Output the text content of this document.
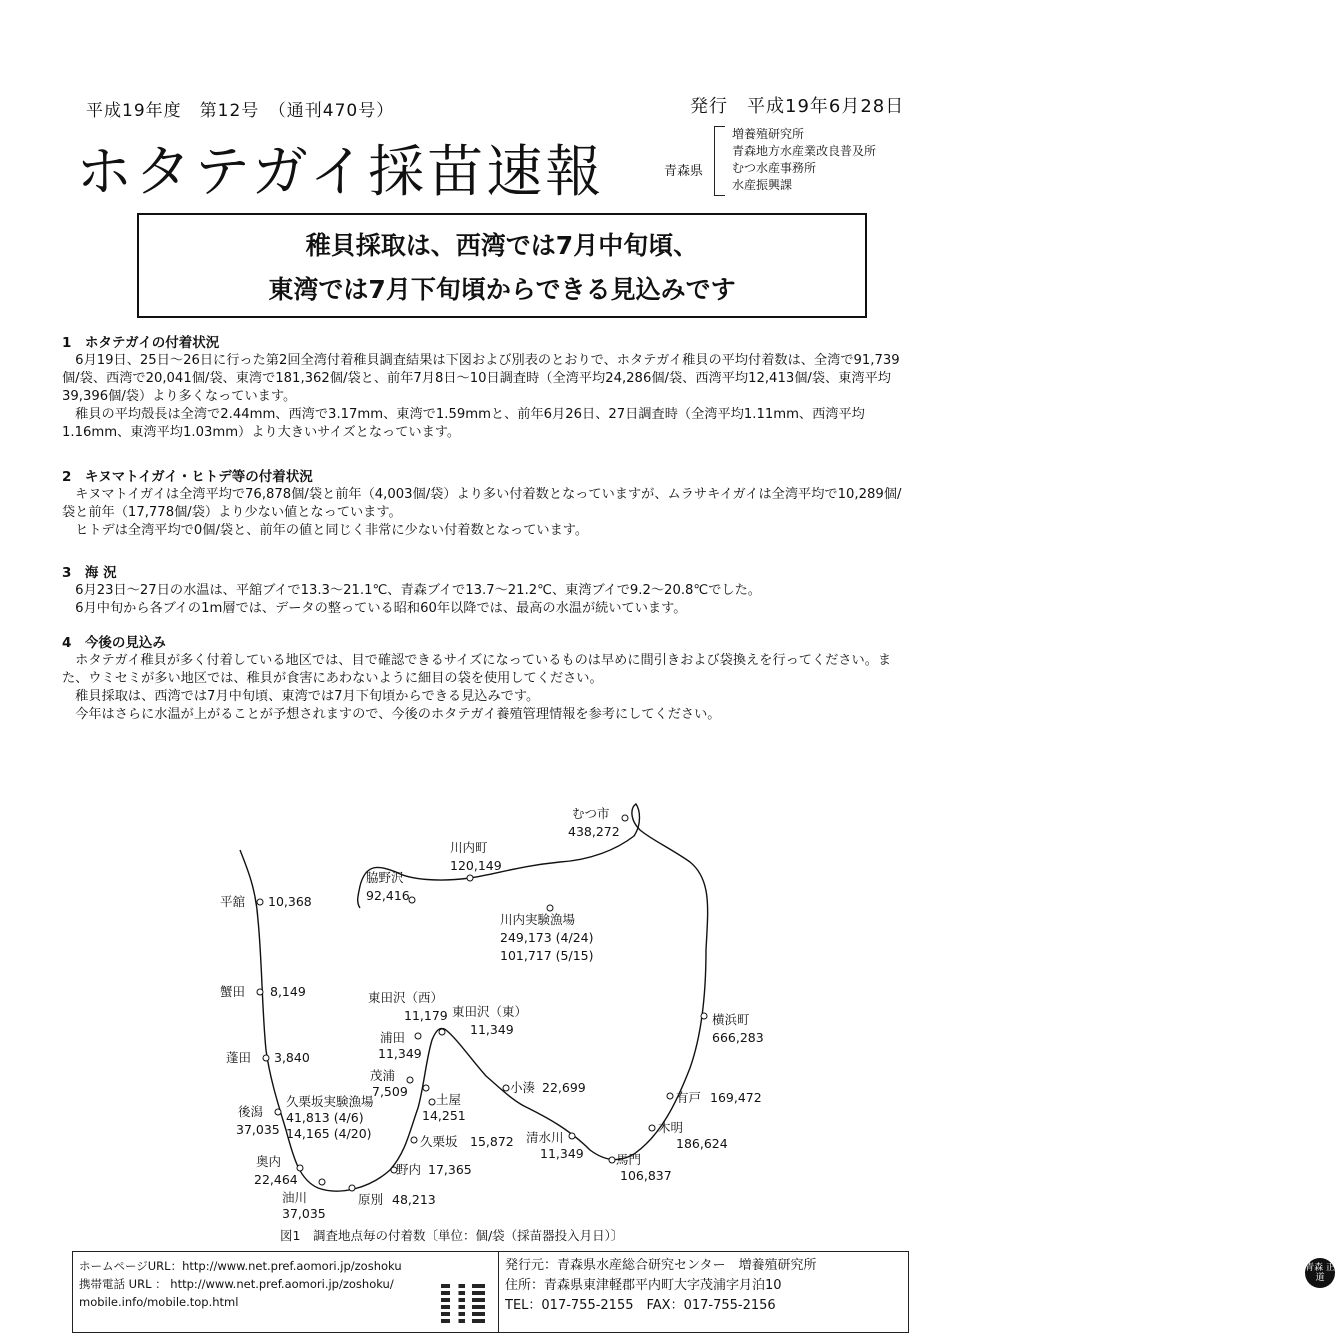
平成19年度　第12号　（通刊470号）	発行　平成19年6月28日
ホタテガイ採苗速報	青森県
増養殖研究所
青森地方水産業改良普及所
むつ水産事務所
水産振興課
稚貝採取は、西湾では7月中旬頃、
東湾では7月下旬頃からできる見込みです
1　ホタテガイの付着状況

　6月19日、25日〜26日に行った第2回全湾付着稚貝調査結果は下図および別表のとおりで、ホタテガイ稚貝の平均付着数は、全湾で91,739個/袋、西湾で20,041個/袋、東湾で181,362個/袋と、前年7月8日〜10日調査時（全湾平均24,286個/袋、西湾平均12,413個/袋、東湾平均39,396個/袋）より多くなっています。

　稚貝の平均殻長は全湾で2.44mm、西湾で3.17mm、東湾で1.59mmと、前年6月26日、27日調査時（全湾平均1.11mm、西湾平均1.16mm、東湾平均1.03mm）より大きいサイズとなっています。

2　キヌマトイガイ・ヒトデ等の付着状況

　キヌマトイガイは全湾平均で76,878個/袋と前年（4,003個/袋）より多い付着数となっていますが、ムラサキイガイは全湾平均で10,289個/袋と前年（17,778個/袋）より少ない値となっています。

　ヒトデは全湾平均で0個/袋と、前年の値と同じく非常に少ない付着数となっています。

3　海 況

　6月23日〜27日の水温は、平舘ブイで13.3〜21.1℃、青森ブイで13.7〜21.2℃、東湾ブイで9.2〜20.8℃でした。

　6月中旬から各ブイの1m層では、データの整っている昭和60年以降では、最高の水温が続いています。

4　今後の見込み

　ホタテガイ稚貝が多く付着している地区では、目で確認できるサイズになっているものは早めに間引きおよび袋換えを行ってください。また、ウミセミが多い地区では、稚貝が食害にあわないように細目の袋を使用してください。

　稚貝採取は、西湾では7月中旬頃、東湾では7月下旬頃からできる見込みです。

　今年はさらに水温が上がることが予想されますので、今後のホタテガイ養殖管理情報を参考にしてください。

むつ市
438,272
川内町
120,149
脇野沢
92,416
川内実験漁場
249,173 (4/24)
101,717 (5/15)
平舘 10,368
蟹田 8,149
蓬田 3,840
東田沢（西）
11,179 東田沢（東）
11,349
浦田
11,349
茂浦
7,509
土屋
14,251
小湊 22,699
横浜町
666,283
有戸 169,472
木明
186,624
清水川
11,349	馬門
106,837
後潟
37,035
久栗坂実験漁場
41,813 (4/6)
14,165 (4/20)
久栗坂 15,872
奥内
22,464
野内 17,365
油川
37,035
原別 48,213
図1　調査地点毎の付着数〔単位：個/袋（採苗器投入月日）〕
ホームページURL：http://www.net.pref.aomori.jp/zoshoku
携帯電話 URL ： http://www.net.pref.aomori.jp/zoshoku/
mobile.info/mobile.top.html
発行元：青森県水産総合研究センター　増養殖研究所
住所：青森県東津軽郡平内町大字茂浦字月泊10
TEL：017-755-2155　FAX：017-755-2156
青森 正道
